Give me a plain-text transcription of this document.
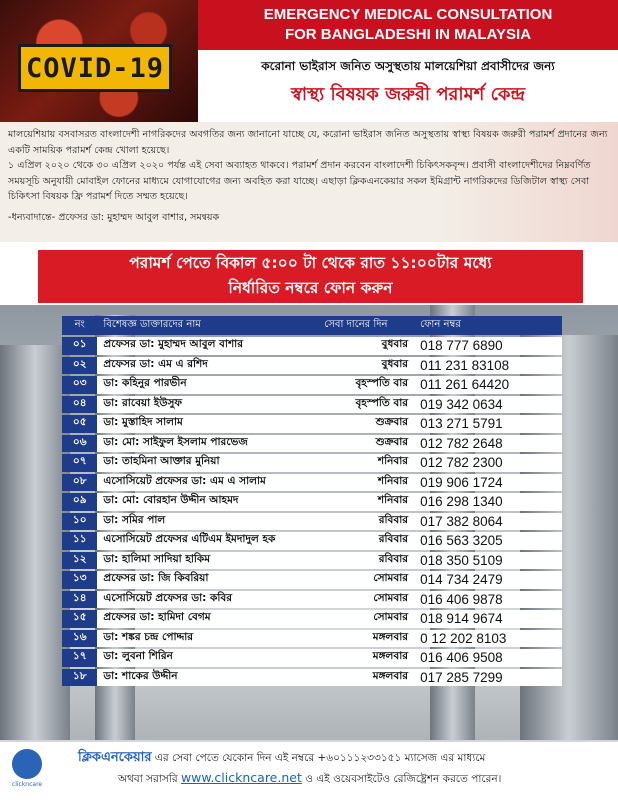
COVID-19
EMERGENCY MEDICAL CONSULTATION
FOR BANGLADESHI IN MALAYSIA
করোনা ভাইরাস জনিত অসুস্থতায় মালয়েশিয়া প্রবাসীদের জন্য
স্বাস্থ্য বিষয়ক জরুরী পরামর্শ কেন্দ্র

মালয়েশিয়ায় বসবাসরত বাংলাদেশী নাগরিকদের অবগতির জন্য জানানো যাচ্ছে যে, করোনা ভাইরাস জনিত অসুস্থতায় স্বাস্থ্য বিষয়ক জরুরী পরামর্শ প্রদানের জন্য একটি সাময়িক পরামর্শ কেন্দ্র খোলা হয়েছে।

১ এপ্রিল ২০২০ থেকে ৩০ এপ্রিল ২০২০ পর্যন্ত এই সেবা অব্যাহত থাকবে। পরামর্শ প্রদান করবেন বাংলাদেশী চিকিৎসকবৃন্দ। প্রবাসী বাংলাদেশীদের নিম্নবর্ণিত সময়সূচি অনুযায়ী মোবাইল ফোনের মাধ্যমে যোগাযোগের জন্য অবহিত করা যাচ্ছে। এছাড়া ক্লিকএনকেয়ার সকল ইমিগ্রান্ট নাগরিকদের ডিজিটাল স্বাস্থ্য সেবা চিকিৎসা বিষয়ক ফ্রি পরামর্শ দিতে সম্মত হয়েছে।

-ধন্যবাদান্তে- প্রফেসর ডা: মুহাম্মদ আবুল বাশার, সমন্বয়ক

পরামর্শ পেতে বিকাল ৫:০০ টা থেকে রাত ১১:০০টার মধ্যে
নির্ধারিত নম্বরে ফোন করুন
নং	বিশেষজ্ঞ ডাক্তারদের নাম	সেবা দানের দিন	ফোন নম্বর
০১	প্রফেসর ডা: মুহাম্মদ আবুল বাশার	বুধবার	018 777 6890
০২	প্রফেসর ডা: এম এ রশিদ	বুধবার	011 231 83108
০৩	ডা: কহিনুর পারভীন	বৃহস্পতি বার	011 261 64420
০৪	ডা: রাবেয়া ইউসুফ	বৃহস্পতি বার	019 342 0634
০৫	ডা: মুস্তাহিদ সালাম	শুক্রবার	013 271 5791
০৬	ডা: মো: সাইফুল ইসলাম পারভেজ	শুক্রবার	012 782 2648
০৭	ডা: তাহমিনা আক্তার মুনিয়া	শনিবার	012 782 2300
০৮	এসোসিয়েট প্রফেসর ডা: এম এ সালাম	শনিবার	019 906 1724
০৯	ডা: মো: বোরহান উদ্দীন আহমদ	শনিবার	016 298 1340
১০	ডা: সমির পাল	রবিবার	017 382 8064
১১	এসোসিয়েট প্রফেসর এটিএম ইমদাদুল হক	রবিবার	016 563 3205
১২	ডা: হালিমা সাদিয়া হাকিম	রবিবার	018 350 5109
১৩	প্রফেসর ডা: জি কিবরিয়া	সোমবার	014 734 2479
১৪	এসোসিয়েট প্রফেসর ডা: কবির	সোমবার	016 406 9878
১৫	প্রফেসর ডা: হামিদা বেগম	সোমবার	018 914 9674
১৬	ডা: শঙ্কর চন্দ্র পোদ্দার	মঙ্গলবার	0 12 202 8103
১৭	ডা: লুবনা শিরিন	মঙ্গলবার	016 406 9508
১৮	ডা: শাকের উদ্দীন	মঙ্গলবার	017 285 7299
clickncare
ক্লিকএনকেয়ার এর সেবা পেতে যেকোন দিন এই নম্বরে +৬০১১১২৩৩১৫১ ম্যাসেজ এর মাধ্যমে
অথবা সরাসরি www.clickncare.net ও এই ওয়েবসাইটেও রেজিষ্ট্রেশন করতে পারেন।
